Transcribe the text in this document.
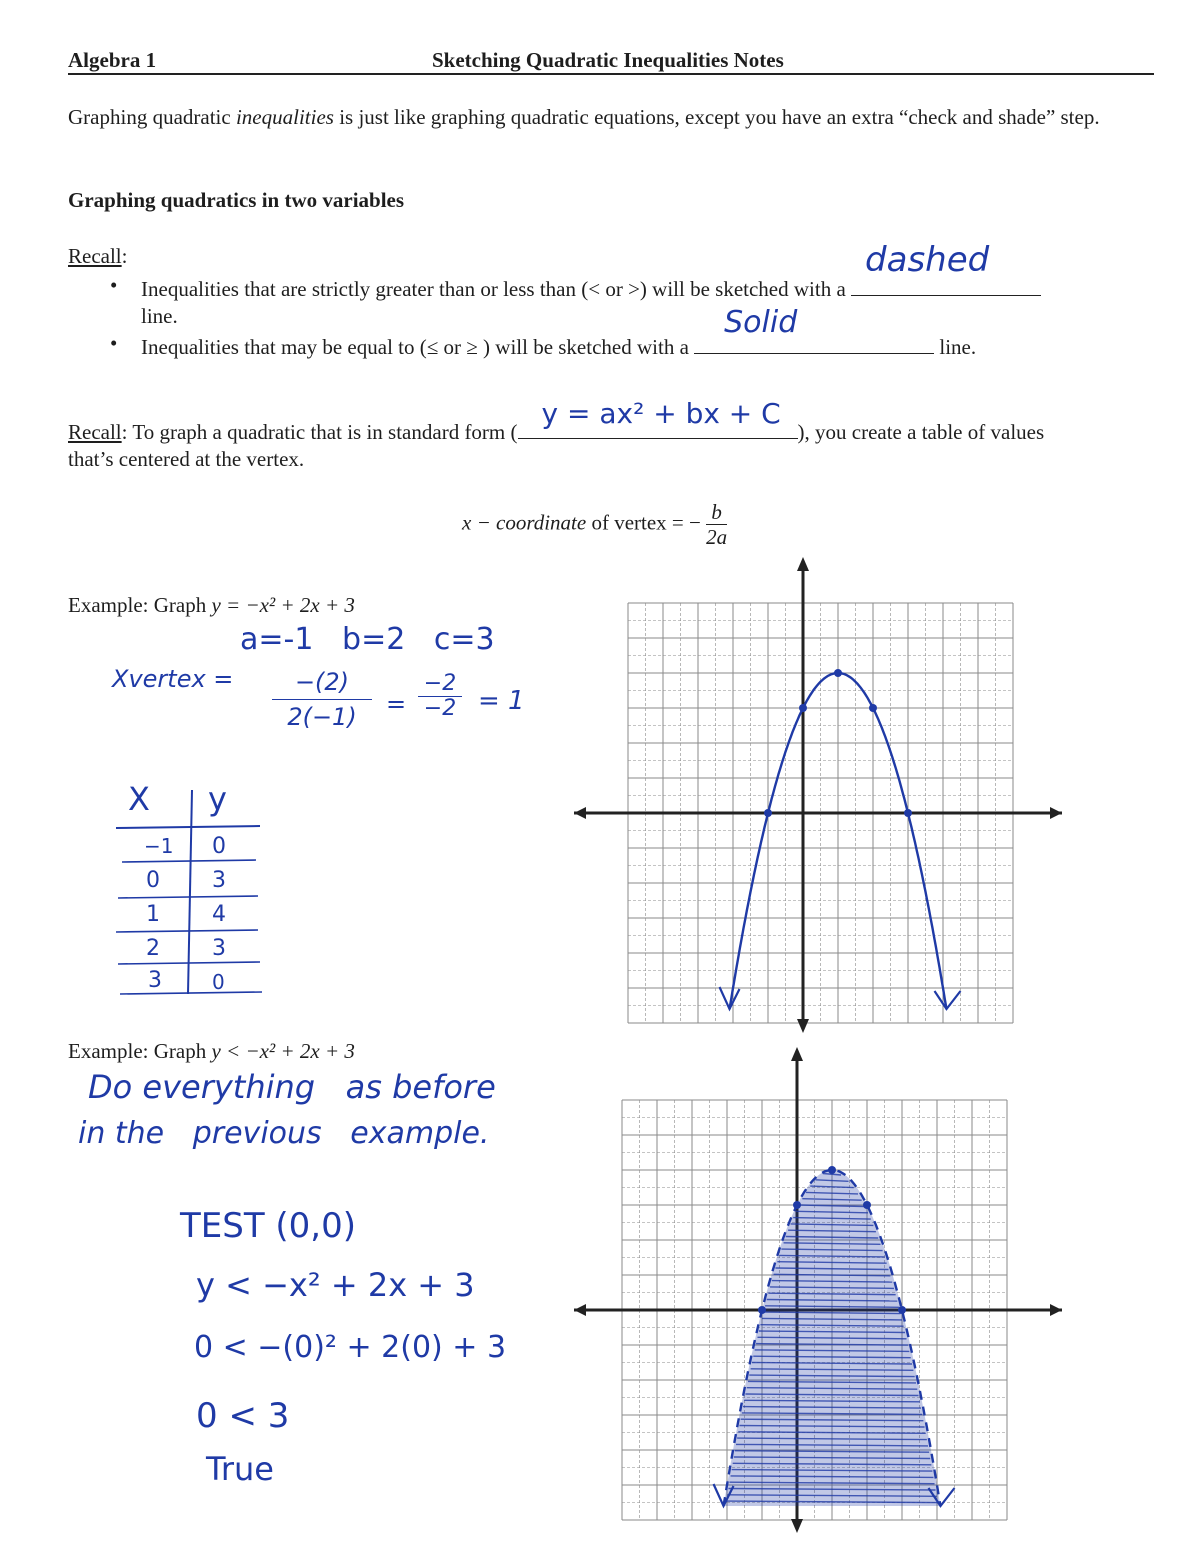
Algebra 1	Sketching Quadratic Inequalities Notes
Graphing quadratic inequalities is just like graphing quadratic equations, except you have an extra “check and shade” step.
Graphing quadratics in two variables
Recall:
• Inequalities that are strictly greater than or less than (< or >) will be sketched with a
dashed

line.
• Inequalities that may be equal to (≤ or ≥ ) will be sketched with a
Solid
line.
Recall: To graph a quadratic that is in standard form (
y = ax² + bx + C
), you create a table of values
that’s centered at the vertex.
x − coordinate of vertex = − $\frac{b}{2a}$
Example: Graph y = −x² + 2x + 3
a=-1   b=2   c=3
Xvertex = $\frac{-(2)}{2(-1)} = \frac{-2}{-2} = 1$
X y
−1 0
0 3
1 4
2 3
3	0
Example: Graph y < −x² + 2x + 3
Do everything   as before
in the   previous   example.
TEST (0,0)
y < −x² + 2x + 3
0 < −(0)² + 2(0) + 3
0 < 3
True
